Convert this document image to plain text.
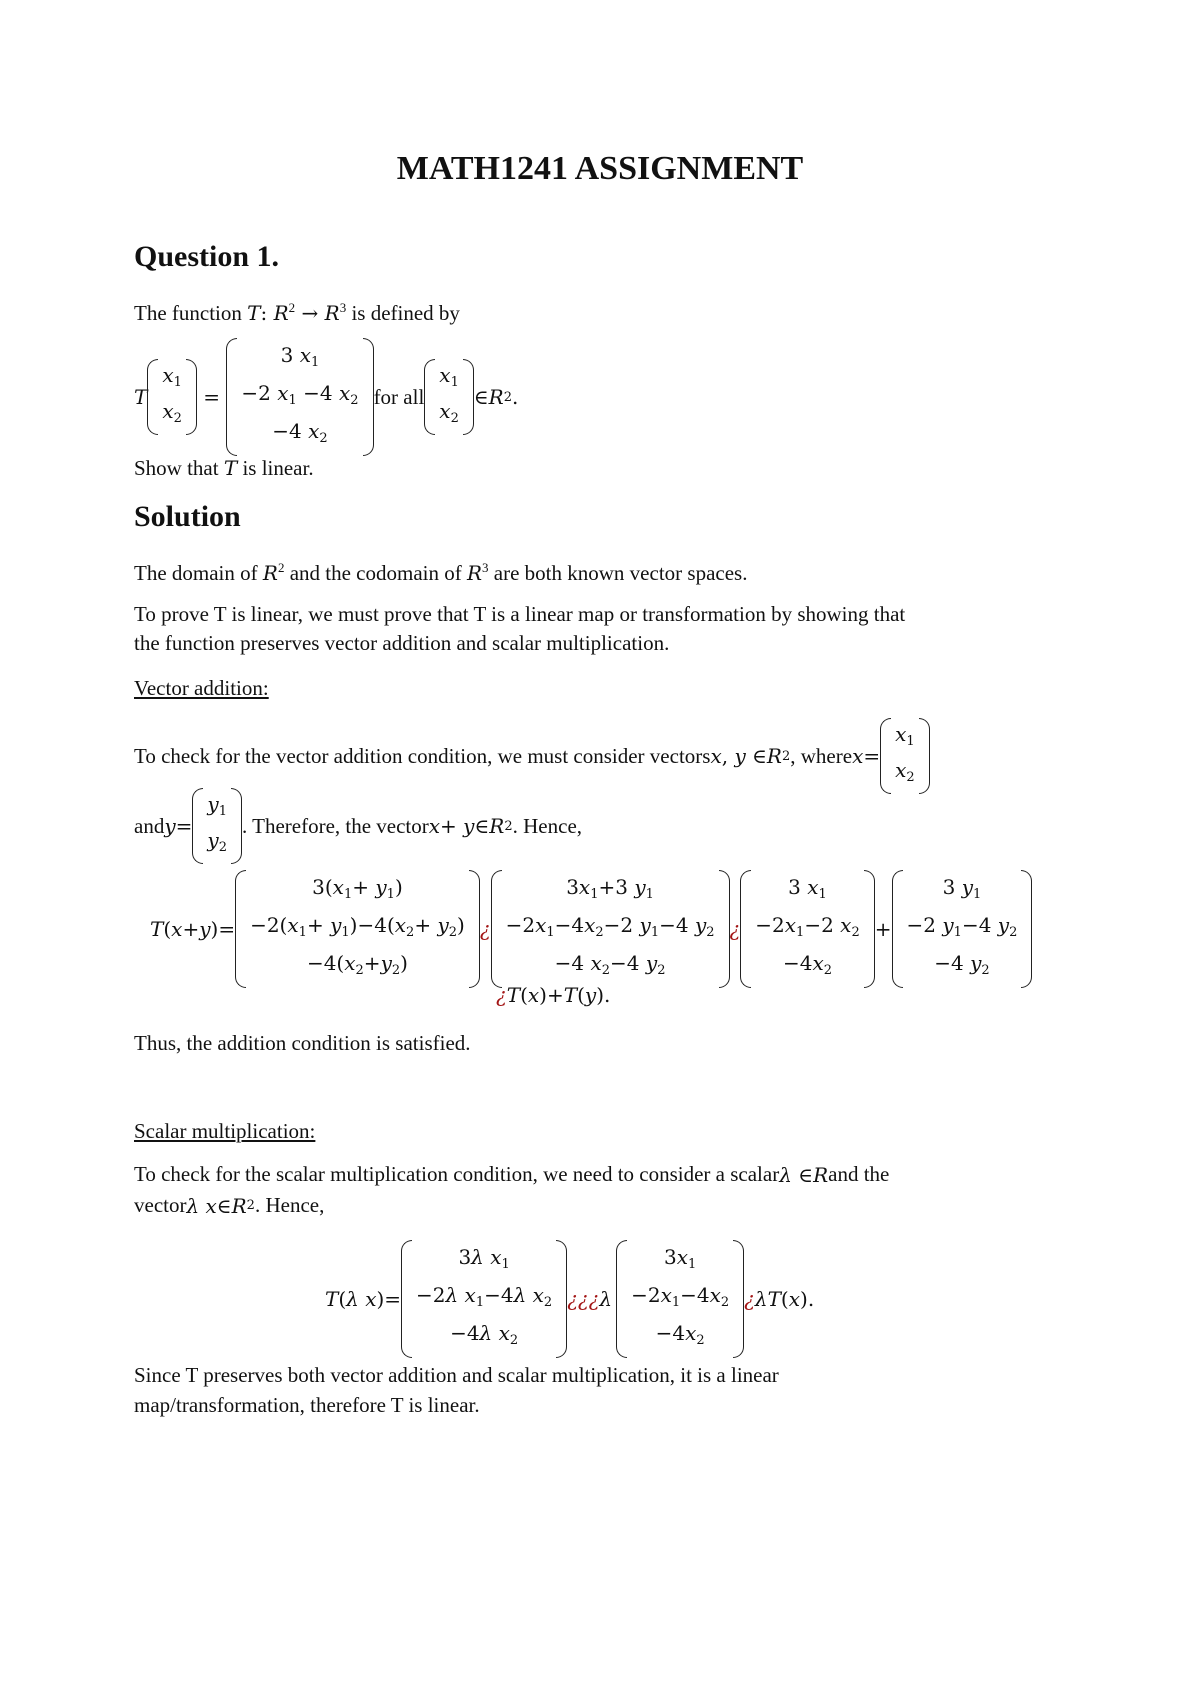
MATH1241 ASSIGNMENT
Question 1.
The function T: $R^2 \to R^3$ is defined by
T
$x_1$
$x_2$
=
3 $x_1$
−2 $x_1 -4$ $x_2$
−4 $x_2$
for all
$x_1$
$x_2$
∈ R 2 .
Show that T is linear.
Solution
The domain of $R^2$ and the codomain of $R^3$ are both known vector spaces.
To prove T is linear, we must prove that T is a linear map or transformation by showing that
the function preserves vector addition and scalar multiplication.
Vector addition:
To check for the vector addition condition, we must consider vectors x , y ∈ R 2 , where x =
$x_1$
$x_2$
and y =
$y_1$
$y_2$
. Therefore, the vector x + y ∈ R 2 . Hence,
T ( x + y )=
$3(x_1+ y_1)$
$-2(x_1+ y_1)-4(x_2+ y_2)$
$-4(x_2+y_2)$
¿
$3x_1+3$ $y_1$
$-2x_1-4x_2-2$ $y_1-4$ $y_2$
−4 $x_2-4$ $y_2$
¿
3 $x_1$
$-2x_1-2$ $x_2$
$-4x_2$
+
3 $y_1$
−2 $y_1-4$ $y_2$
−4 $y_2$
¿ T ( x )+ T ( y ).
Thus, the addition condition is satisfied.
Scalar multiplication:
To check for the scalar multiplication condition, we need to consider a scalar λ ∈ R and the
vector λ x ∈ R 2 . Hence,
T ( λ x )=
3λ $x_1$
−2λ $x_1-4\lambda$ $x_2$
−4λ $x_2$
¿ ¿ ¿ λ
$3x_1$
$-2x_1-4x_2$
$-4x_2$
¿ λT ( x ).
Since T preserves both vector addition and scalar multiplication, it is a linear
map/transformation, therefore T is linear.
